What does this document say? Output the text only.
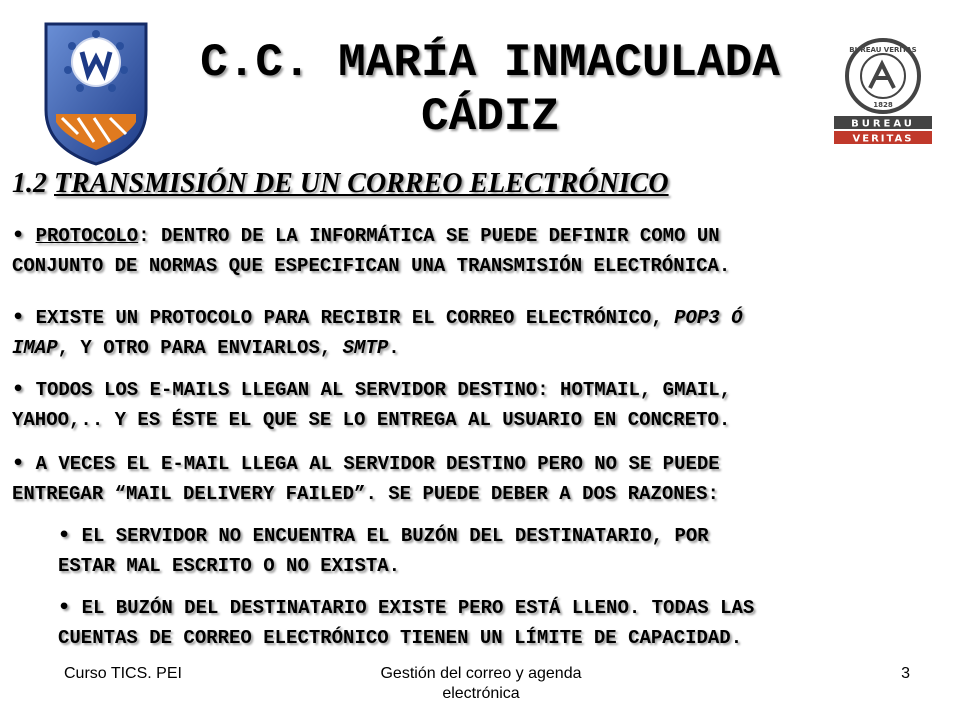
C.C. MARÍA INMACULADA
CÁDIZ
BUREAU VERITAS
1828
BUREAU
VERITAS
1.2 TRANSMISIÓN DE UN CORREO ELECTRÓNICO
• PROTOCOLO: DENTRO DE LA INFORMÁTICA SE PUEDE DEFINIR COMO UN
CONJUNTO DE NORMAS QUE ESPECIFICAN UNA TRANSMISIÓN ELECTRÓNICA.
• EXISTE UN PROTOCOLO PARA RECIBIR EL CORREO ELECTRÓNICO, POP3 Ó
IMAP, Y OTRO PARA ENVIARLOS, SMTP.
• TODOS LOS E-MAILS LLEGAN AL SERVIDOR DESTINO: HOTMAIL, GMAIL,
YAHOO,.. Y ES ÉSTE EL QUE SE LO ENTREGA AL USUARIO EN CONCRETO.
• A VECES EL E-MAIL LLEGA AL SERVIDOR DESTINO PERO NO SE PUEDE
ENTREGAR “MAIL DELIVERY FAILED”. SE PUEDE DEBER A DOS RAZONES:
• EL SERVIDOR NO ENCUENTRA EL BUZÓN DEL DESTINATARIO, POR
ESTAR MAL ESCRITO O NO EXISTA.
• EL BUZÓN DEL DESTINATARIO EXISTE PERO ESTÁ LLENO. TODAS LAS
CUENTAS DE CORREO ELECTRÓNICO TIENEN UN LÍMITE DE CAPACIDAD.
Curso TICS. PEI	Gestión del correo y agenda
electrónica
3
